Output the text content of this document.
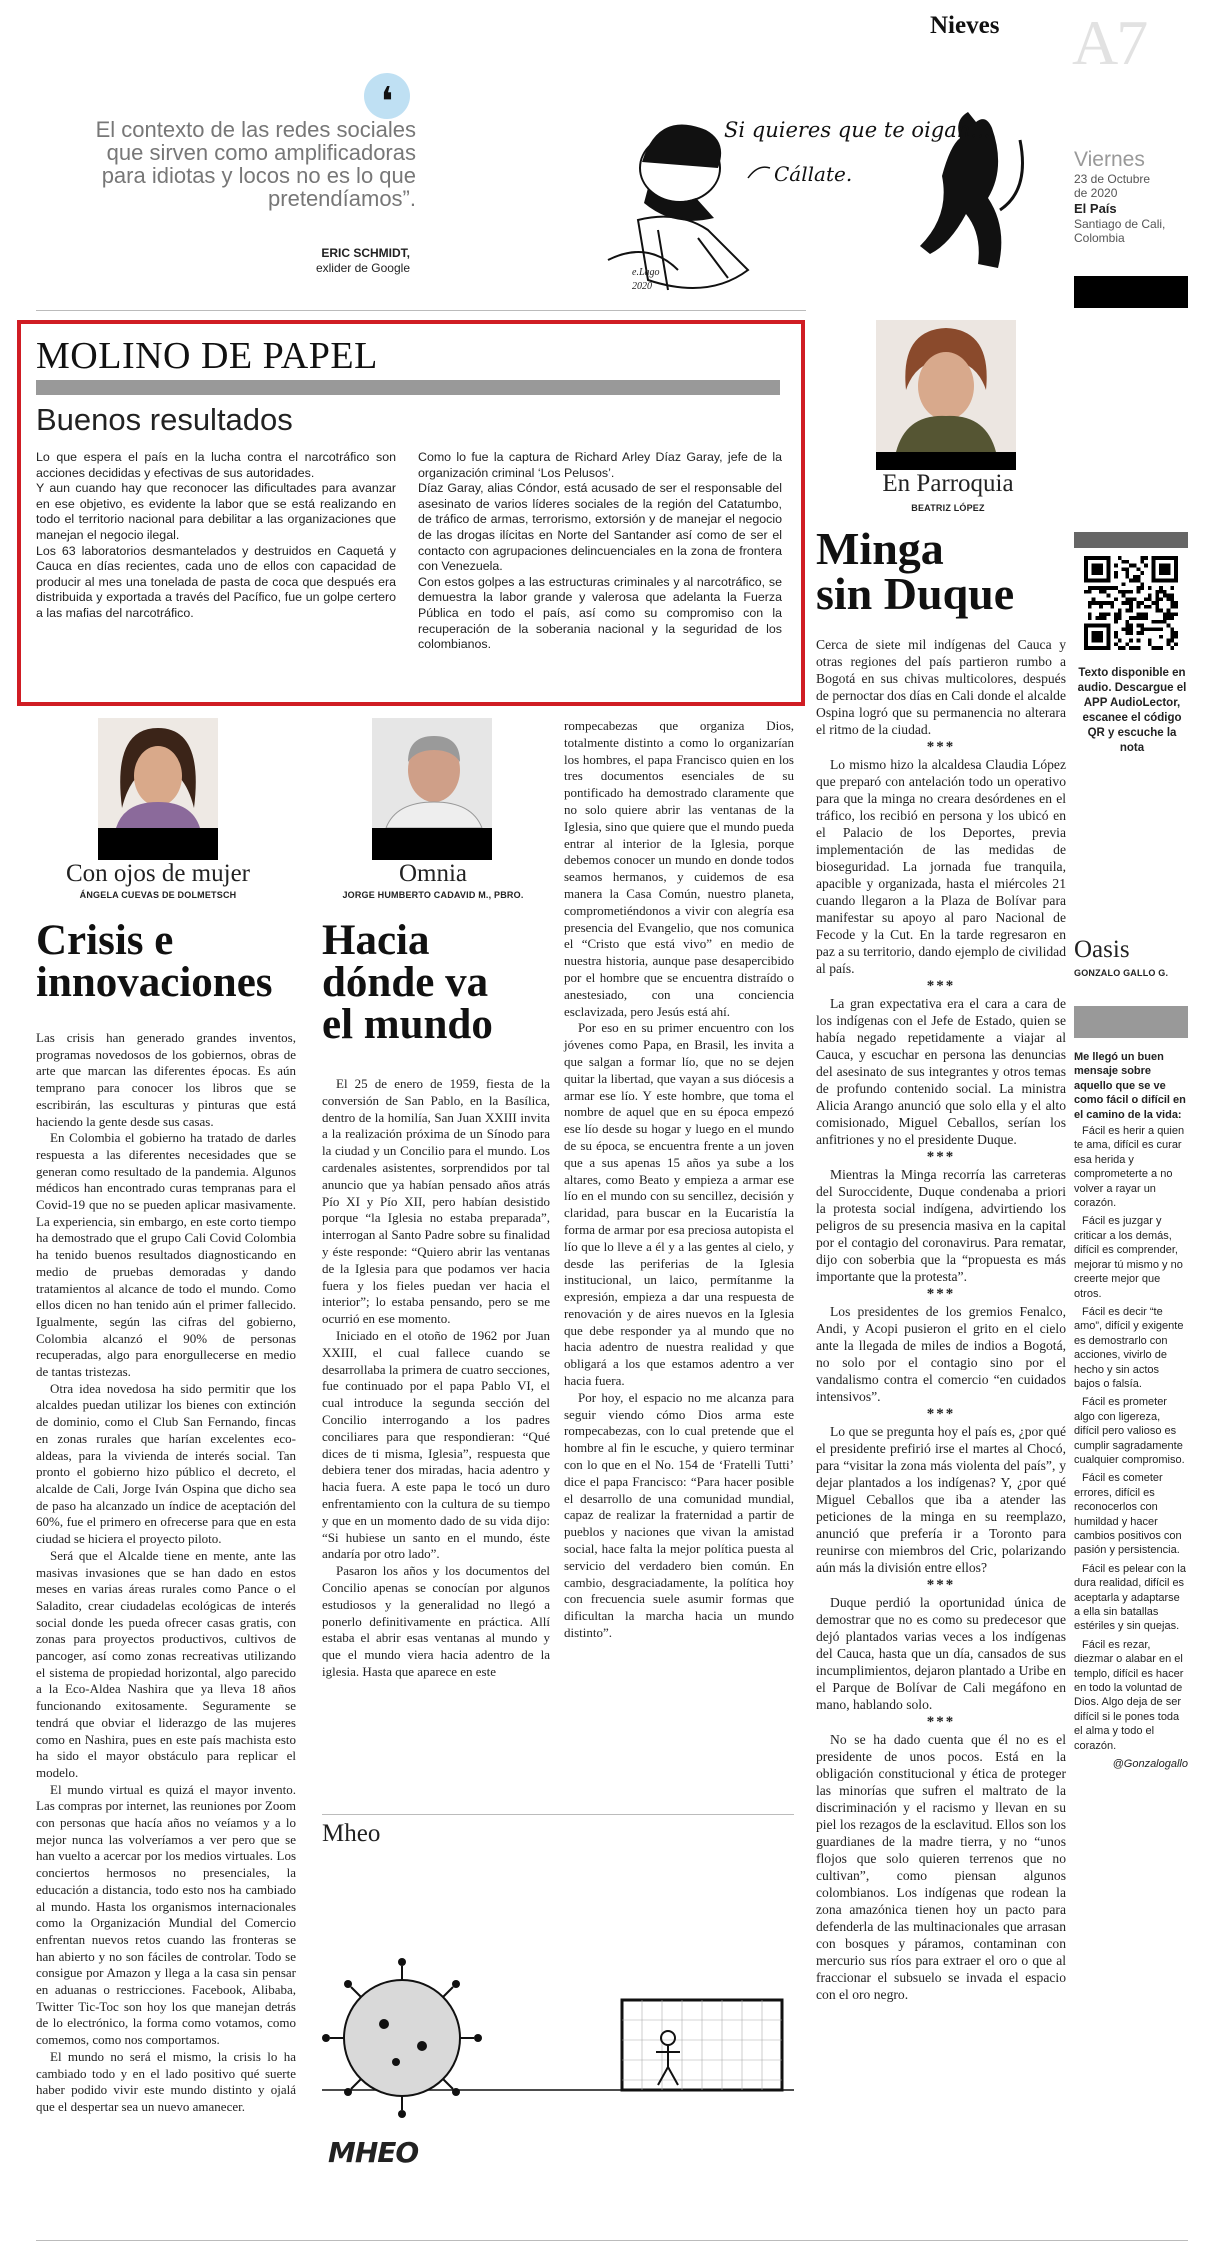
Nieves A7
❛
El contexto de las redes sociales
que sirven como amplificadoras
para idiotas y locos no es lo que
pretendíamos”.
ERIC SCHMIDT,
exlider de Google
Si quieres que te oigan...
Cállate.
e.Lago
2020
Viernes
23 de Octubre
de 2020
El País
Santiago de Cali,
Colombia
MOLINO DE PAPEL
Buenos resultados

Lo que espera el país en la lucha contra el narcotráfico son acciones decididas y efectivas de sus autoridades.

Y aun cuando hay que reconocer las dificultades para avanzar en ese objetivo, es evidente la labor que se está realizando en todo el territorio nacional para debilitar a las organizaciones que manejan el negocio ilegal.

Los 63 laboratorios desmantelados y destruidos en Caquetá y Cauca en días recientes, cada uno de ellos con capacidad de producir al mes una tonelada de pasta de coca que después era distribuida y exportada a través del Pacífico, fue un golpe certero a las mafias del narcotráfico.

Como lo fue la captura de Richard Arley Díaz Garay, jefe de la organización criminal ‘Los Pelusos’.

Díaz Garay, alias Cóndor, está acusado de ser el responsable del asesinato de varios líderes sociales de la región del Catatumbo, de tráfico de armas, terrorismo, extorsión y de manejar el negocio de las drogas ilícitas en Norte del Santander así como de ser el contacto con agrupaciones delincuenciales en la zona de frontera con Venezuela.

Con estos golpes a las estructuras criminales y al narcotráfico, se demuestra la labor grande y valerosa que adelanta la Fuerza Pública en todo el país, así como su compromiso con la recuperación de la soberania nacional y la seguridad de los colombianos.

En Parroquia
BEATRIZ LÓPEZ
Minga
sin Duque

Cerca de siete mil indígenas del Cauca y otras regiones del país partieron rumbo a Bogotá en sus chivas multicolores, después de pernoctar dos días en Cali donde el alcalde Ospina logró que su permanencia no alterara el ritmo de la ciudad.

***

Lo mismo hizo la alcaldesa Claudia López que preparó con antelación todo un operativo para que la minga no creara desórdenes en el tráfico, los recibió en persona y los ubicó en el Palacio de los Deportes, previa implementación de las medidas de bioseguridad. La jornada fue tranquila, apacible y organizada, hasta el miércoles 21 cuando llegaron a la Plaza de Bolívar para manifestar su apoyo al paro Nacional de Fecode y la Cut. En la tarde regresaron en paz a su territorio, dando ejemplo de civilidad al país.

***

La gran expectativa era el cara a cara de los indígenas con el Jefe de Estado, quien se había negado repetidamente a viajar al Cauca, y escuchar en persona las denuncias del asesinato de sus integrantes y otros temas de profundo contenido social. La ministra Alicia Arango anunció que solo ella y el alto comisionado, Miguel Ceballos, serían los anfitriones y no el presidente Duque.

***

Mientras la Minga recorría las carreteras del Suroccidente, Duque condenaba a priori la protesta social indígena, advirtiendo los peligros de su presencia masiva en la capital por el contagio del coronavirus. Para rematar, dijo con soberbia que la “propuesta es más importante que la protesta”.

***

Los presidentes de los gremios Fenalco, Andi, y Acopi pusieron el grito en el cielo ante la llegada de miles de indios a Bogotá, no solo por el contagio sino por el vandalismo contra el comercio “en cuidados intensivos”.

***

Lo que se pregunta hoy el país es, ¿por qué el presidente prefirió irse el martes al Chocó, para “visitar la zona más violenta del país”, y dejar plantados a los indígenas? Y, ¿por qué Miguel Ceballos que iba a atender las peticiones de la minga en su reemplazo, anunció que prefería ir a Toronto para reunirse con miembros del Cric, polarizando aún más la división entre ellos?

***

Duque perdió la oportunidad única de demostrar que no es como su predecesor que dejó plantados varias veces a los indígenas del Cauca, hasta que un día, cansados de sus incumplimientos, dejaron plantado a Uribe en el Parque de Bolívar de Cali megáfono en mano, hablando solo.

***

No se ha dado cuenta que él no es el presidente de unos pocos. Está en la obligación constitucional y ética de proteger las minorías que sufren el maltrato de la discriminación y el racismo y llevan en su piel los rezagos de la esclavitud. Ellos son los guardianes de la madre tierra, y no “unos flojos que solo quieren terrenos que no cultivan”, como piensan algunos colombianos. Los indígenas que rodean la zona amazónica tienen hoy un pacto para defenderla de las multinacionales que arrasan con bosques y páramos, contaminan con mercurio sus ríos para extraer el oro o que al fraccionar el subsuelo se invada el espacio con el oro negro.

Texto disponible en
audio. Descargue el
APP AudioLector,
escanee el código
QR y escuche la
nota
Oasis
GONZALO GALLO G.

Me llegó un buen mensaje sobre aquello que se ve como fácil o difícil en el camino de la vida:

Fácil es herir a quien te ama, difícil es curar esa herida y comprometerte a no volver a rayar un corazón.

Fácil es juzgar y criticar a los demás, difícil es comprender, mejorar tú mismo y no creerte mejor que otros.

Fácil es decir “te amo”, difícil y exigente es demostrarlo con acciones, vivirlo de hecho y sin actos bajos o falsía.

Fácil es prometer algo con ligereza, difícil pero valioso es cumplir sagradamente cualquier compromiso.

Fácil es cometer errores, difícil es reconocerlos con humildad y hacer cambios positivos con pasión y persistencia.

Fácil es pelear con la dura realidad, difícil es aceptarla y adaptarse a ella sin batallas estériles y sin quejas.

Fácil es rezar, diezmar o alabar en el templo, difícil es hacer en todo la voluntad de Dios. Algo deja de ser difícil si le pones toda el alma y todo el corazón.

@Gonzalogallo

Con ojos de mujer
ÁNGELA CUEVAS DE DOLMETSCH
Crisis e
innovaciones

Las crisis han generado grandes inventos, programas novedosos de los gobiernos, obras de arte que marcan las diferentes épocas. Es aún temprano para conocer los libros que se escribirán, las esculturas y pinturas que está haciendo la gente desde sus casas.

En Colombia el gobierno ha tratado de darles respuesta a las diferentes necesidades que se generan como resultado de la pandemia. Algunos médicos han encontrado curas tempranas para el Covid-19 que no se pueden aplicar masivamente. La experiencia, sin embargo, en este corto tiempo ha demostrado que el grupo Cali Covid Colombia ha tenido buenos resultados diagnosticando en medio de pruebas demoradas y dando tratamientos al alcance de todo el mundo. Como ellos dicen no han tenido aún el primer fallecido. Igualmente, según las cifras del gobierno, Colombia alcanzó el 90% de personas recuperadas, algo para enorgullecerse en medio de tantas tristezas.

Otra idea novedosa ha sido permitir que los alcaldes puedan utilizar los bienes con extinción de dominio, como el Club San Fernando, fincas en zonas rurales que harían excelentes eco-aldeas, para la vivienda de interés social. Tan pronto el gobierno hizo público el decreto, el alcalde de Cali, Jorge Iván Ospina que dicho sea de paso ha alcanzado un índice de aceptación del 60%, fue el primero en ofrecerse para que en esta ciudad se hiciera el proyecto piloto.

Será que el Alcalde tiene en mente, ante las masivas invasiones que se han dado en estos meses en varias áreas rurales como Pance o el Saladito, crear ciudadelas ecológicas de interés social donde les pueda ofrecer casas gratis, con zonas para proyectos productivos, cultivos de pancoger, así como zonas recreativas utilizando el sistema de propiedad horizontal, algo parecido a la Eco-Aldea Nashira que ya lleva 18 años funcionando exitosamente. Seguramente se tendrá que obviar el liderazgo de las mujeres como en Nashira, pues en este país machista esto ha sido el mayor obstáculo para replicar el modelo.

El mundo virtual es quizá el mayor invento. Las compras por internet, las reuniones por Zoom con personas que hacía años no veíamos y a lo mejor nunca las volveríamos a ver pero que se han vuelto a acercar por los medios virtuales. Los conciertos hermosos no presenciales, la educación a distancia, todo esto nos ha cambiado al mundo. Hasta los organismos internacionales como la Organización Mundial del Comercio enfrentan nuevos retos cuando las fronteras se han abierto y no son fáciles de controlar. Todo se consigue por Amazon y llega a la casa sin pensar en aduanas o restricciones. Facebook, Alibaba, Twitter Tic-Toc son hoy los que manejan detrás de lo electrónico, la forma como votamos, como comemos, como nos comportamos.

El mundo no será el mismo, la crisis lo ha cambiado todo y en el lado positivo qué suerte haber podido vivir este mundo distinto y ojalá que el despertar sea un nuevo amanecer.

Omnia
JORGE HUMBERTO CADAVID M., PBRO.
Hacia
dónde va
el mundo

El 25 de enero de 1959, fiesta de la conversión de San Pablo, en la Basílica, dentro de la homilía, San Juan XXIII invita a la realización próxima de un Sínodo para la ciudad y un Concilio para el mundo. Los cardenales asistentes, sorprendidos por tal anuncio que ya habían pensado años atrás Pío XI y Pío XII, pero habían desistido porque “la Iglesia no estaba preparada”, interrogan al Santo Padre sobre su finalidad y éste responde: “Quiero abrir las ventanas de la Iglesia para que podamos ver hacia fuera y los fieles puedan ver hacia el interior”; lo estaba pensando, pero se me ocurrió en ese momento.

Iniciado en el otoño de 1962 por Juan XXIII, el cual fallece cuando se desarrollaba la primera de cuatro secciones, fue continuado por el papa Pablo VI, el cual introduce la segunda sección del Concilio interrogando a los padres conciliares para que respondieran: “Qué dices de ti misma, Iglesia”, respuesta que debiera tener dos miradas, hacia adentro y hacia fuera. A este papa le tocó un duro enfrentamiento con la cultura de su tiempo y que en un momento dado de su vida dijo: “Si hubiese un santo en el mundo, éste andaría por otro lado”.

Pasaron los años y los documentos del Concilio apenas se conocían por algunos estudiosos y la generalidad no llegó a ponerlo definitivamente en práctica. Allí estaba el abrir esas ventanas al mundo y que el mundo viera hacia adentro de la iglesia. Hasta que aparece en este

rompecabezas que organiza Dios, totalmente distinto a como lo organizarían los hombres, el papa Francisco quien en los tres documentos esenciales de su pontificado ha demostrado claramente que no solo quiere abrir las ventanas de la Iglesia, sino que quiere que el mundo pueda entrar al interior de la Iglesia, porque debemos conocer un mundo en donde todos seamos hermanos, y cuidemos de esa manera la Casa Común, nuestro planeta, comprometiéndonos a vivir con alegría esa presencia del Evangelio, que nos comunica el “Cristo que está vivo” en medio de nuestra historia, aunque pase desapercibido por el hombre que se encuentra distraído o anestesiado, con una conciencia esclavizada, pero Jesús está ahí.

Por eso en su primer encuentro con los jóvenes como Papa, en Brasil, les invita a que salgan a formar lío, que no se dejen quitar la libertad, que vayan a sus diócesis a armar ese lío. Y este hombre, que toma el nombre de aquel que en su época empezó ese lío desde su hogar y luego en el mundo de su época, se encuentra frente a un joven que a sus apenas 15 años ya sube a los altares, como Beato y empieza a armar ese lío en el mundo con su sencillez, decisión y claridad, para buscar en la Eucaristía la forma de armar por esa preciosa autopista el lío que lo lleve a él y a las gentes al cielo, y desde las periferias de la Iglesia institucional, un laico, permítanme la expresión, empieza a dar una respuesta de renovación y de aires nuevos en la Iglesia que debe responder ya al mundo que no hacia adentro de nuestra realidad y que obligará a los que estamos adentro a ver hacia fuera.

Por hoy, el espacio no me alcanza para seguir viendo cómo Dios arma este rompecabezas, con lo cual pretende que el hombre al fin le escuche, y quiero terminar con lo que en el No. 154 de ‘Fratelli Tutti’ dice el papa Francisco: “Para hacer posible el desarrollo de una comunidad mundial, capaz de realizar la fraternidad a partir de pueblos y naciones que vivan la amistad social, hace falta la mejor política puesta al servicio del verdadero bien común. En cambio, desgraciadamente, la política hoy con frecuencia suele asumir formas que dificultan la marcha hacia un mundo distinto”.

Mheo
MHEO
